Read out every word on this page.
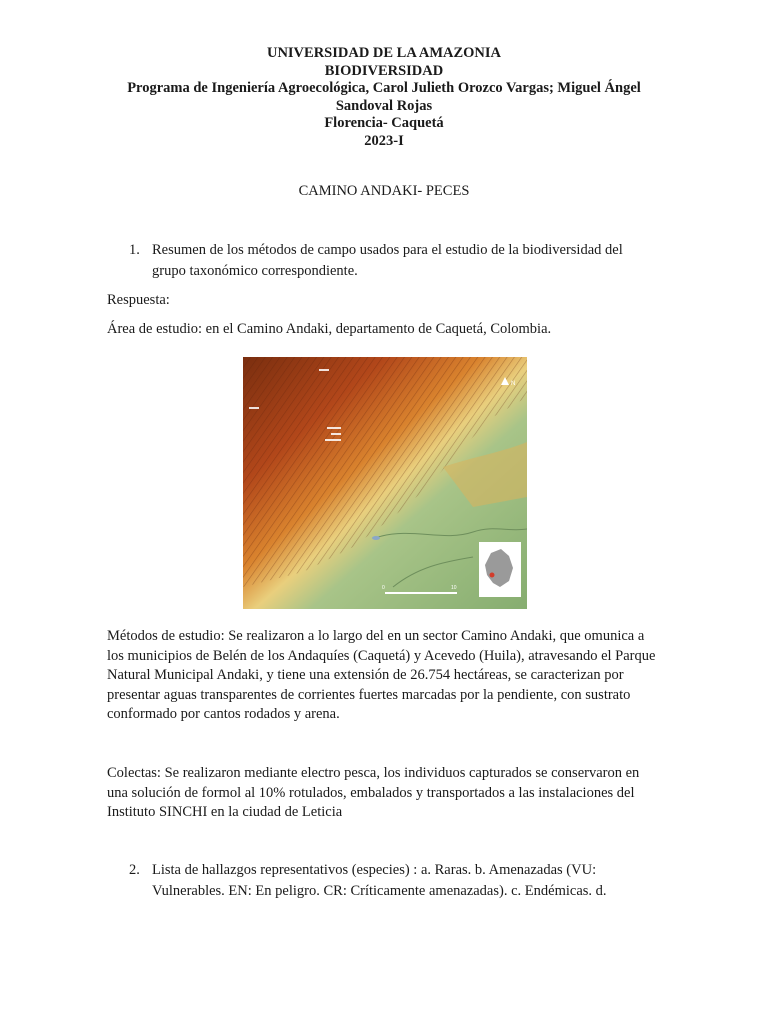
UNIVERSIDAD DE LA AMAZONIA
BIODIVERSIDAD
Programa de Ingeniería Agroecológica, Carol Julieth Orozco Vargas; Miguel Ángel
Sandoval Rojas
Florencia- Caquetá
2023-I
CAMINO ANDAKI- PECES
1. Resumen de los métodos de campo usados para el estudio de la biodiversidad del grupo taxonómico correspondiente.
Respuesta:
Área de estudio: en el Camino Andaki, departamento de Caquetá, Colombia.
N
0	10
Métodos de estudio: Se realizaron a lo largo del en un sector Camino Andaki, que omunica a los municipios de Belén de los Andaquíes (Caquetá) y Acevedo (Huila), atravesando el Parque Natural Municipal Andaki, y tiene una extensión de 26.754 hectáreas, se caracterizan por presentar aguas transparentes de corrientes fuertes marcadas por la pendiente, con sustrato conformado por cantos rodados y arena.
Colectas: Se realizaron mediante electro pesca, los individuos capturados se conservaron en una solución de formol al 10% rotulados, embalados y transportados a las instalaciones del Instituto SINCHI en la ciudad de Leticia
2. Lista de hallazgos representativos (especies) : a. Raras. b. Amenazadas (VU: Vulnerables. EN: En peligro. CR: Críticamente amenazadas). c. Endémicas. d.
